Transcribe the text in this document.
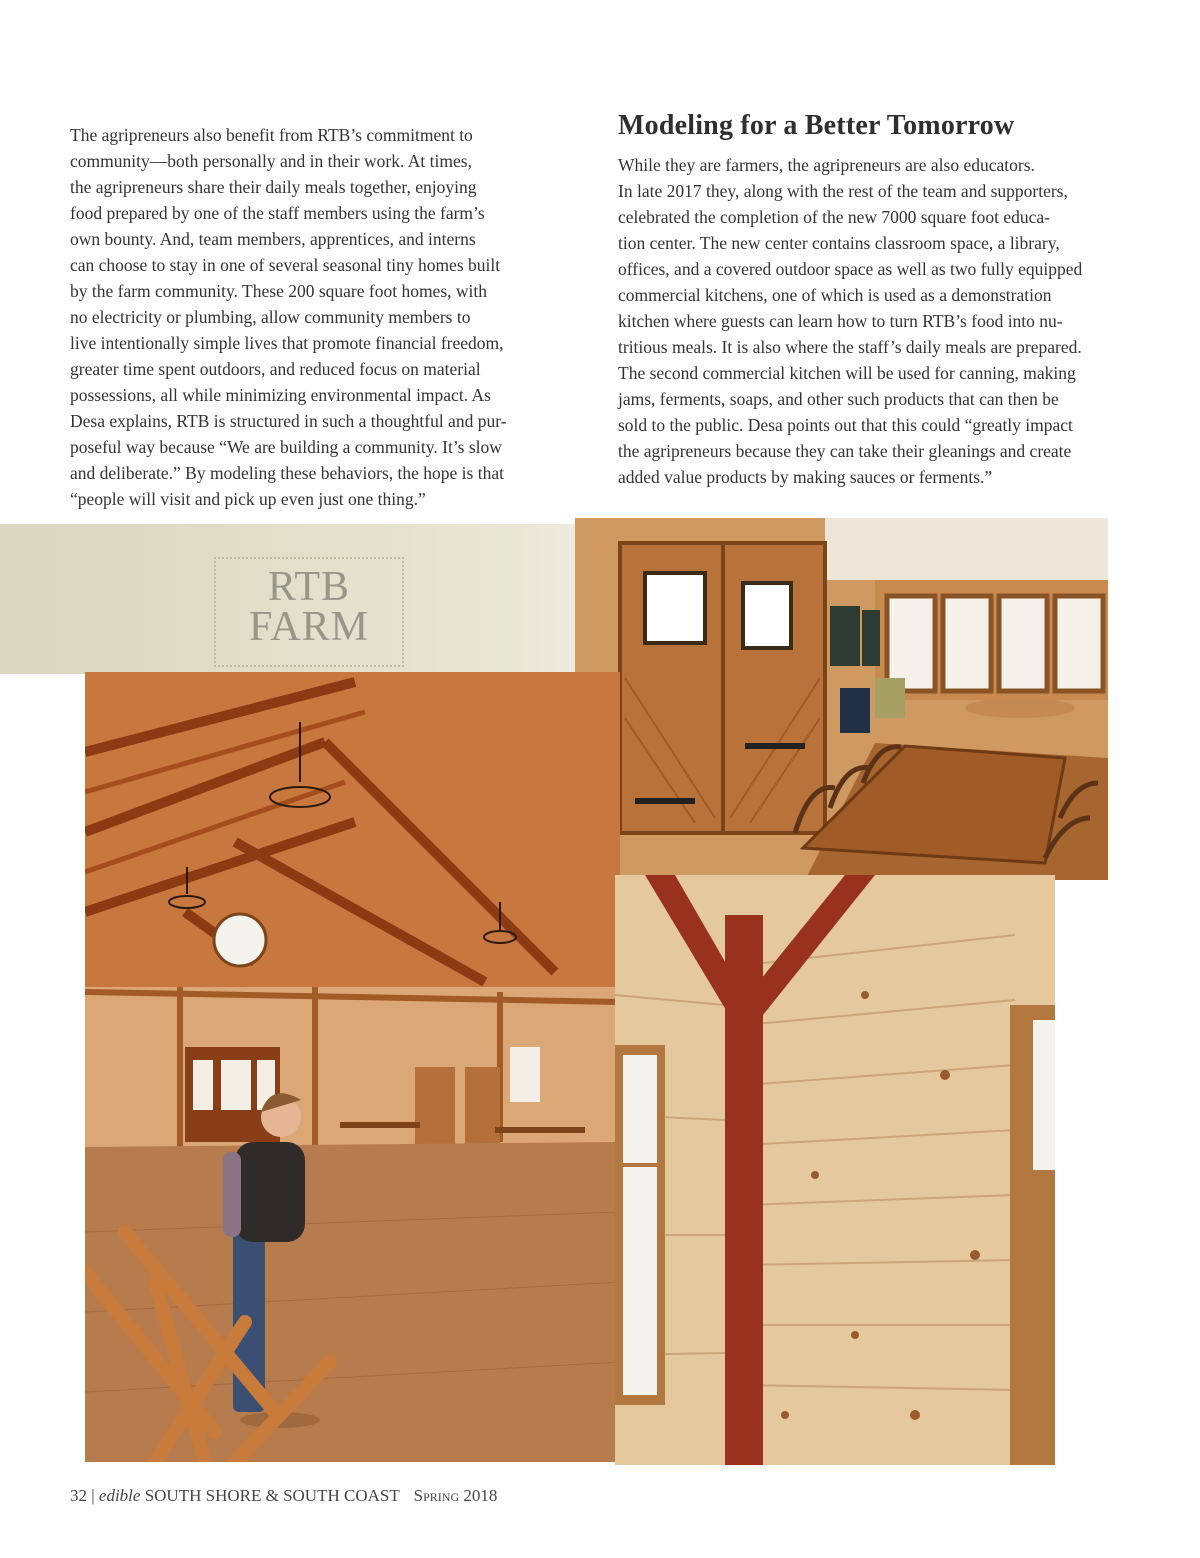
The agripreneurs also benefit from RTB’s commitment to
community—both personally and in their work. At times,
the agripreneurs share their daily meals together, enjoying
food prepared by one of the staff members using the farm’s
own bounty. And, team members, apprentices, and interns
can choose to stay in one of several seasonal tiny homes built
by the farm community. These 200 square foot homes, with
no electricity or plumbing, allow community members to
live intentionally simple lives that promote financial freedom,
greater time spent outdoors, and reduced focus on material
possessions, all while minimizing environmental impact. As
Desa explains, RTB is structured in such a thoughtful and pur-
poseful way because “We are building a community. It’s slow
and deliberate.” By modeling these behaviors, the hope is that
“people will visit and pick up even just one thing.”

Modeling for a Better Tomorrow

While they are farmers, the agripreneurs are also educators.
In late 2017 they, along with the rest of the team and supporters,
celebrated the completion of the new 7000 square foot educa-
tion center. The new center contains classroom space, a library,
offices, and a covered outdoor space as well as two fully equipped
commercial kitchens, one of which is used as a demonstration
kitchen where guests can learn how to turn RTB’s food into nu-
tritious meals. It is also where the staff’s daily meals are prepared.
The second commercial kitchen will be used for canning, making
jams, ferments, soaps, and other such products that can then be
sold to the public. Desa points out that this could “greatly impact
the agripreneurs because they can take their gleanings and create
added value products by making sauces or ferments.”

RTB
FARM
32 | edible SOUTH SHORE & SOUTH COAST Spring 2018
